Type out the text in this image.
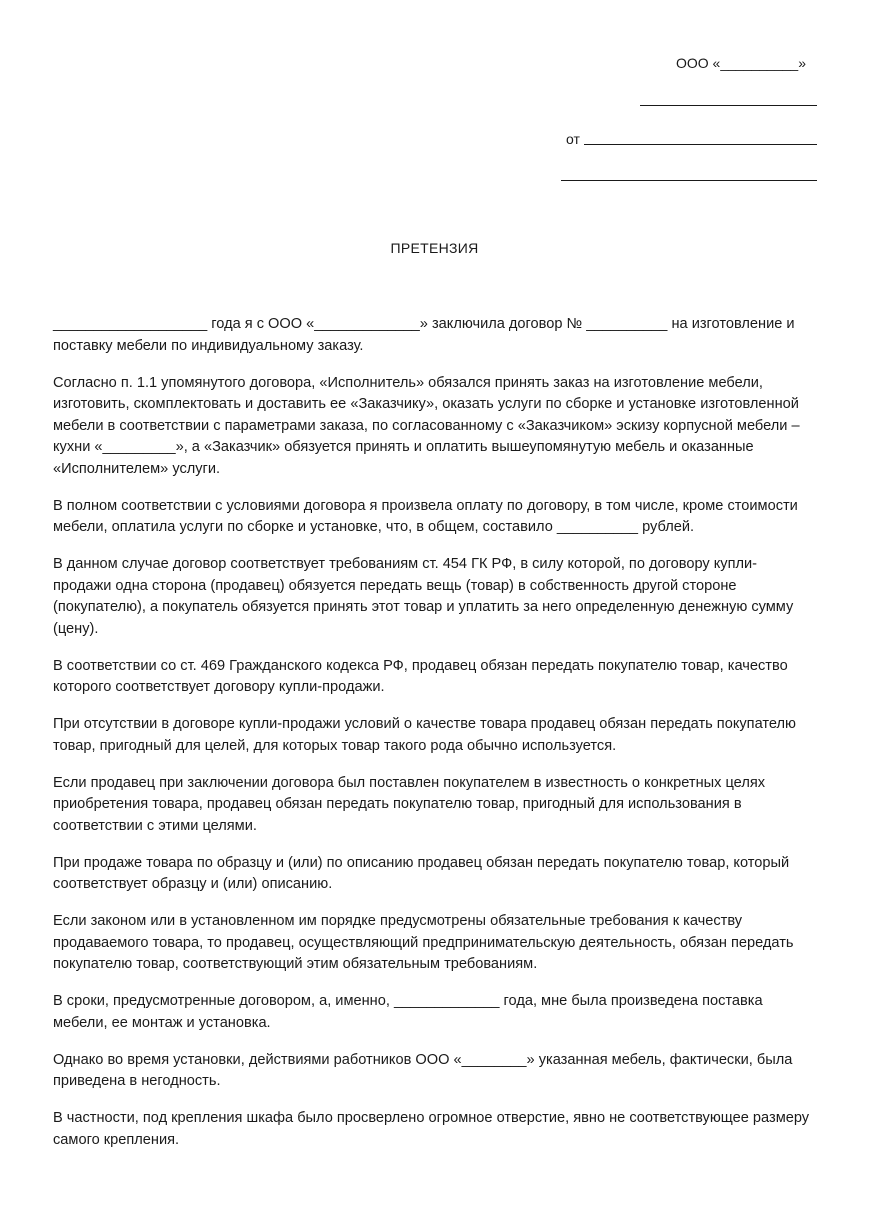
ООО «__________»
от
ПРЕТЕНЗИЯ

___________________ года я с ООО «_____________» заключила договор № __________ на изготовление и
поставку мебели по индивидуальному заказу.

Согласно п. 1.1 упомянутого договора, «Исполнитель» обязался принять заказ на изготовление мебели,
изготовить, скомплектовать и доставить ее «Заказчику», оказать услуги по сборке и установке изготовленной
мебели в соответствии с параметрами заказа, по согласованному с «Заказчиком» эскизу корпусной мебели –
кухни «_________», а «Заказчик» обязуется принять и оплатить вышеупомянутую мебель и оказанные
«Исполнителем» услуги.

В полном соответствии с условиями договора я произвела оплату по договору, в том числе, кроме стоимости
мебели, оплатила услуги по сборке и установке, что, в общем, составило __________ рублей.

В данном случае договор соответствует требованиям ст. 454 ГК РФ, в силу которой, по договору купли-
продажи одна сторона (продавец) обязуется передать вещь (товар) в собственность другой стороне
(покупателю), а покупатель обязуется принять этот товар и уплатить за него определенную денежную сумму
(цену).

В соответствии со ст. 469 Гражданского кодекса РФ, продавец обязан передать покупателю товар, качество
которого соответствует договору купли-продажи.

При отсутствии в договоре купли-продажи условий о качестве товара продавец обязан передать покупателю
товар, пригодный для целей, для которых товар такого рода обычно используется.

Если продавец при заключении договора был поставлен покупателем в известность о конкретных целях
приобретения товара, продавец обязан передать покупателю товар, пригодный для использования в
соответствии с этими целями.

При продаже товара по образцу и (или) по описанию продавец обязан передать покупателю товар, который
соответствует образцу и (или) описанию.

Если законом или в установленном им порядке предусмотрены обязательные требования к качеству
продаваемого товара, то продавец, осуществляющий предпринимательскую деятельность, обязан передать
покупателю товар, соответствующий этим обязательным требованиям.

В сроки, предусмотренные договором, а, именно, _____________ года, мне была произведена поставка
мебели, ее монтаж и установка.

Однако во время установки, действиями работников ООО «________» указанная мебель, фактически, была
приведена в негодность.

В частности, под крепления шкафа было просверлено огромное отверстие, явно не соответствующее размеру
самого крепления.
